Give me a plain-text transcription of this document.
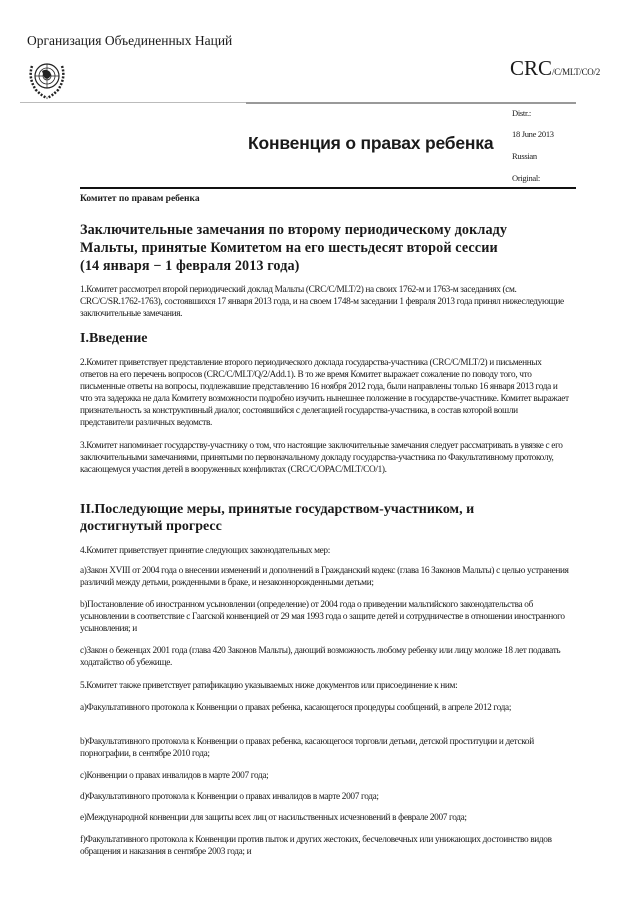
Организация Объединенных Наций
CRC/C/MLT/CO/2
Distr.:
18 June 2013
Russian
Original:
Конвенция о правах ребенка
Комитет по правам ребенка
Заключительные замечания по второму периодическому докладу
Мальты, принятые Комитетом на его шестьдесят второй сессии
(14 января − 1 февраля 2013 года)
1.Комитет рассмотрел второй периодический доклад Мальты (CRC/C/MLT/2) на своих 1762-м и 1763-м заседаниях (см. CRC/C/SR.1762-1763), состоявшихся 17 января 2013 года, и на своем 1748-м заседании 1 февраля 2013 года принял нижеследующие заключительные замечания.
I.Введение
2.Комитет приветствует представление второго периодического доклада государства-участника (CRC/C/MLT/2) и письменных ответов на его перечень вопросов (CRC/C/MLT/Q/2/Add.1). В то же время Комитет выражает сожаление по поводу того, что письменные ответы на вопросы, подлежавшие представлению 16 ноября 2012 года, были направлены только 16 января 2013 года и что эта задержка не дала Комитету возможности подробно изучить нынешнее положение в государстве-участнике. Комитет выражает признательность за конструктивный диалог, состоявшийся с делегацией государства-участника, в состав которой вошли представители различных ведомств.
3.Комитет напоминает государству-участнику о том, что настоящие заключительные замечания следует рассматривать в увязке с его заключительными замечаниями, принятыми по первоначальному докладу государства-участника по Факультативному протоколу, касающемуся участия детей в вооруженных конфликтах (CRC/C/OPAC/MLT/CO/1).
II.Последующие меры, принятые государством-участником, и достигнутый прогресс
4.Комитет приветствует принятие следующих законодательных мер:
a)Закон XVIII от 2004 года о внесении изменений и дополнений в Гражданский кодекс (глава 16 Законов Мальты) с целью устранения различий между детьми, рожденными в браке, и незаконнорожденными детьми;
b)Постановление об иностранном усыновлении (определение) от 2004 года о приведении мальтийского законодательства об усыновлении в соответствие с Гаагской конвенцией от 29 мая 1993 года о защите детей и сотрудничестве в отношении иностранного усыновления; и
c)Закон о беженцах 2001 года (глава 420 Законов Мальты), дающий возможность любому ребенку или лицу моложе 18 лет подавать ходатайство об убежище.
5.Комитет также приветствует ратификацию указываемых ниже документов или присоединение к ним:
a)Факультативного протокола к Конвенции о правах ребенка, касающегося процедуры сообщений, в апреле 2012 года;
b)Факультативного протокола к Конвенции о правах ребенка, касающегося торговли детьми, детской проституции и детской порнографии, в сентябре 2010 года;
c)Конвенции о правах инвалидов в марте 2007 года;
d)Факультативного протокола к Конвенции о правах инвалидов в марте 2007 года;
e)Международной конвенции для защиты всех лиц от насильственных исчезновений в феврале 2007 года;
f)Факультативного протокола к Конвенции против пыток и других жестоких, бесчеловечных или унижающих достоинство видов обращения и наказания в сентябре 2003 года; и
